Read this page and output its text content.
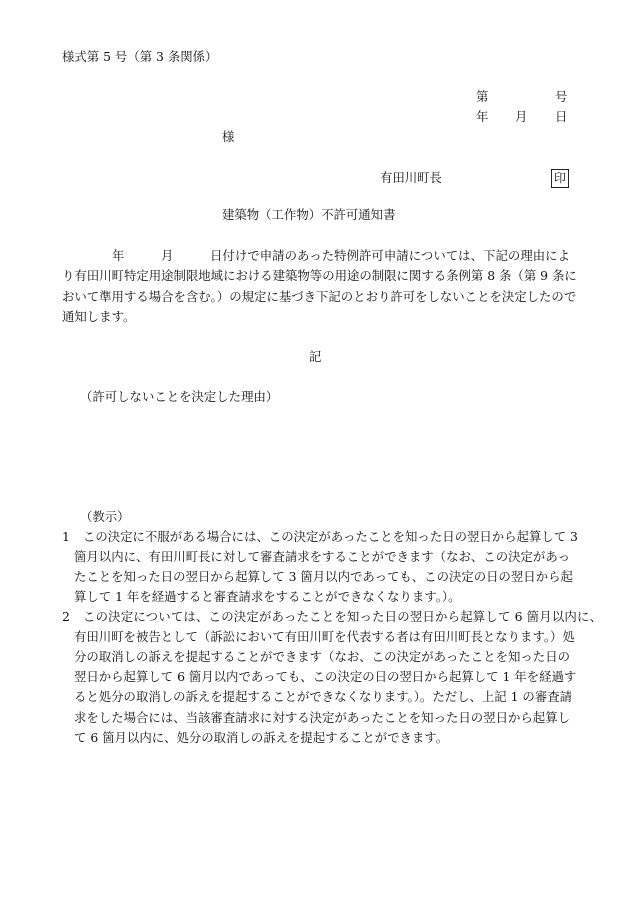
様式第 5 号（第 3 条関係）
第	号
年 月 日
様
有田川町長	印
建築物（工作物）不許可通知書
年	月	日付けで申請のあった特例許可申請については、下記の理由によ
り有田川町特定用途制限地域における建築物等の用途の制限に関する条例第 8 条（第 9 条に
おいて準用する場合を含む。）の規定に基づき下記のとおり許可をしないことを決定したので
通知します。
記
（許可しないことを決定した理由）
（教示）
1 この決定に不服がある場合には、この決定があったことを知った日の翌日から起算して 3
箇月以内に、有田川町長に対して審査請求をすることができます（なお、この決定があっ
たことを知った日の翌日から起算して 3 箇月以内であっても、この決定の日の翌日から起
算して 1 年を経過すると審査請求をすることができなくなります。）。
2 この決定については、この決定があったことを知った日の翌日から起算して 6 箇月以内に、
有田川町を被告として（訴訟において有田川町を代表する者は有田川町長となります。）処
分の取消しの訴えを提起することができます（なお、この決定があったことを知った日の
翌日から起算して 6 箇月以内であっても、この決定の日の翌日から起算して 1 年を経過す
ると処分の取消しの訴えを提起することができなくなります。）。ただし、上記 1 の審査請
求をした場合には、当該審査請求に対する決定があったことを知った日の翌日から起算し
て 6 箇月以内に、処分の取消しの訴えを提起することができます。
